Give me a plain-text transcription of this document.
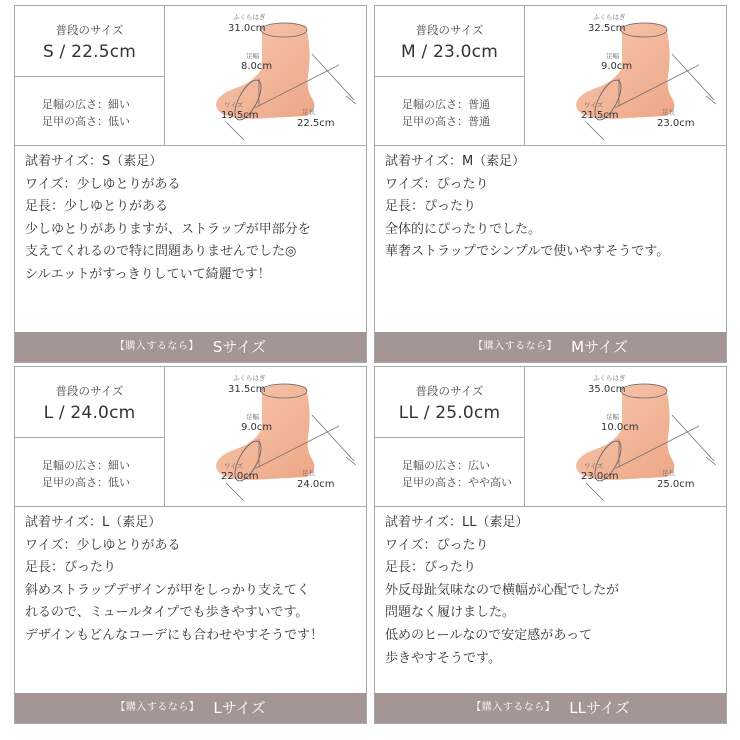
普段のサイズ
S / 22.5cm
足幅の広さ：細い
足甲の高さ：低い
ふくらはぎ
31.0cm
足幅
8.0cm
ワイズ
19.5cm	足長
22.5cm
試着サイズ：S（素足）
ワイズ：少しゆとりがある
足長：少しゆとりがある
少しゆとりがありますが、ストラップが甲部分を
支えてくれるので特に問題ありませんでした◎
シルエットがすっきりしていて綺麗です！
【購入するなら】 Sサイズ
普段のサイズ
M / 23.0cm
足幅の広さ：普通
足甲の高さ：普通
ふくらはぎ
32.5cm
足幅
9.0cm
ワイズ
21.5cm	足長
23.0cm
試着サイズ：M（素足）
ワイズ：ぴったり
足長：ぴったり
全体的にぴったりでした。
華奢ストラップでシンプルで使いやすそうです。
【購入するなら】 Mサイズ
普段のサイズ
L / 24.0cm
足幅の広さ：細い
足甲の高さ：低い
ふくらはぎ
31.5cm
足幅
9.0cm
ワイズ
22.0cm	足長
24.0cm
試着サイズ：L（素足）
ワイズ：少しゆとりがある
足長：ぴったり
斜めストラップデザインが甲をしっかり支えてく
れるので、ミュールタイプでも歩きやすいです。
デザインもどんなコーデにも合わせやすそうです！
【購入するなら】 Lサイズ
普段のサイズ
LL / 25.0cm
足幅の広さ：広い
足甲の高さ：やや高い
ふくらはぎ
35.0cm
足幅
10.0cm
ワイズ
23.0cm	足長
25.0cm
試着サイズ：LL（素足）
ワイズ：ぴったり
足長：ぴったり
外反母趾気味なので横幅が心配でしたが
問題なく履けました。
低めのヒールなので安定感があって
歩きやすそうです。
【購入するなら】 LLサイズ
